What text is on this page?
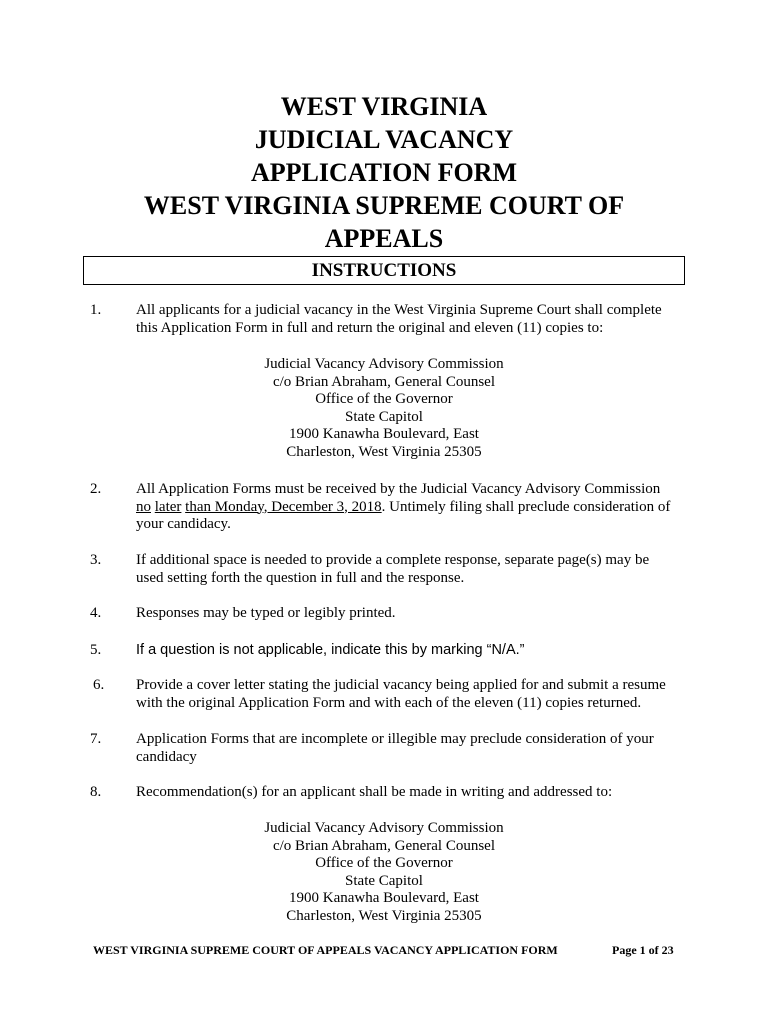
WEST VIRGINIA
JUDICIAL VACANCY
APPLICATION FORM
WEST VIRGINIA SUPREME COURT OF
APPEALS
INSTRUCTIONS
1. All applicants for a judicial vacancy in the West Virginia Supreme Court shall complete
this Application Form in full and return the original and eleven (11) copies to:
Judicial Vacancy Advisory Commission
c/o Brian Abraham, General Counsel
Office of the Governor
State Capitol
1900 Kanawha Boulevard, East
Charleston, West Virginia 25305
2. All Application Forms must be received by the Judicial Vacancy Advisory Commission
no later than Monday, December 3, 2018. Untimely filing shall preclude consideration of
your candidacy.
3. If additional space is needed to provide a complete response, separate page(s) may be
used setting forth the question in full and the response.
4. Responses may be typed or legibly printed.
5. If a question is not applicable, indicate this by marking “N/A.”
6. Provide a cover letter stating the judicial vacancy being applied for and submit a resume
with the original Application Form and with each of the eleven (11) copies returned.
7. Application Forms that are incomplete or illegible may preclude consideration of your
candidacy
8. Recommendation(s) for an applicant shall be made in writing and addressed to:
Judicial Vacancy Advisory Commission
c/o Brian Abraham, General Counsel
Office of the Governor
State Capitol
1900 Kanawha Boulevard, East
Charleston, West Virginia 25305
WEST VIRGINIA SUPREME COURT OF APPEALS VACANCY APPLICATION FORM	Page 1 of 23
